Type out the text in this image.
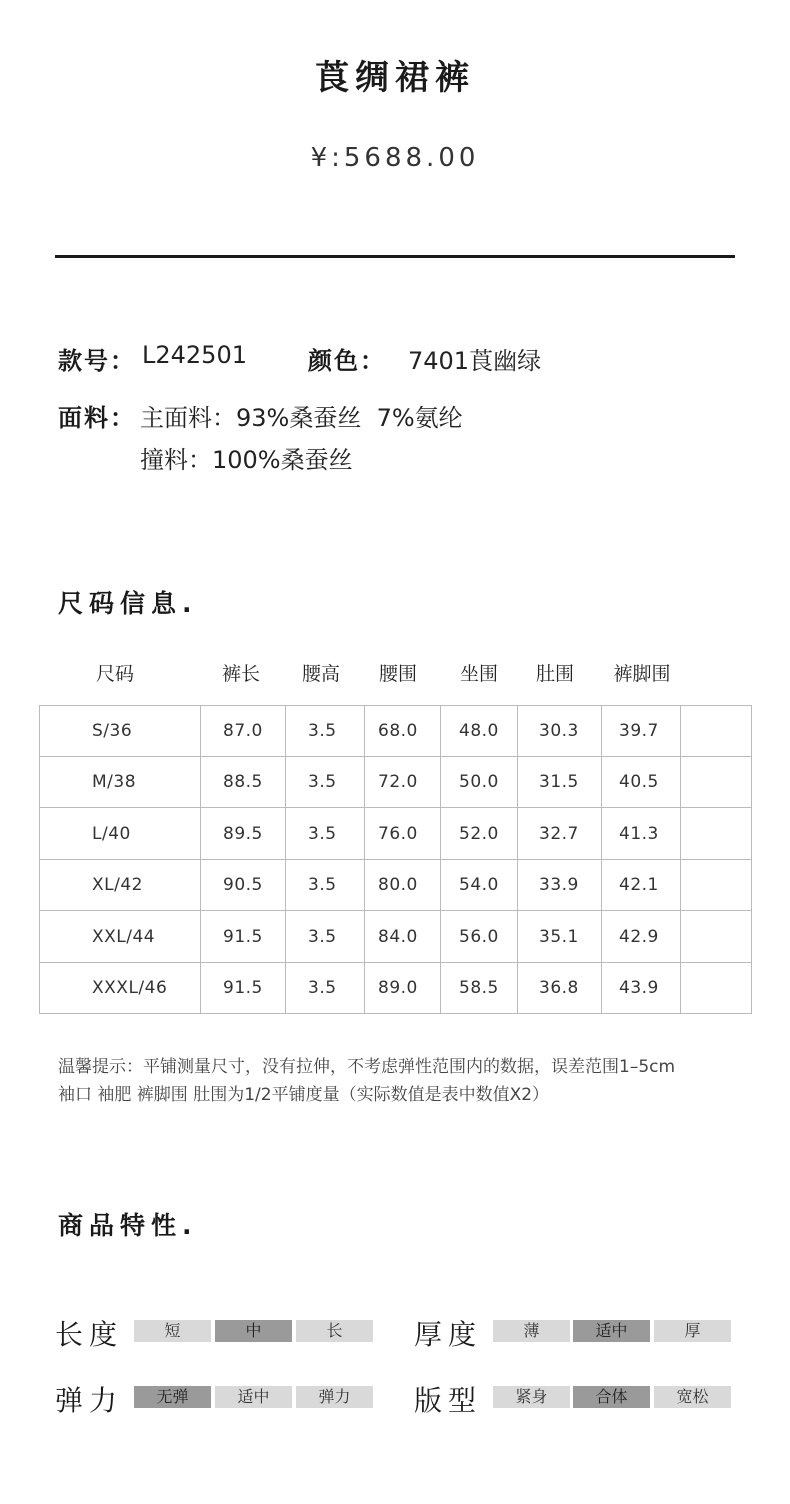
莨绸裙裤
¥:5688.00
款号： L242501	颜色： 7401莨幽绿
面料： 主面料：93%桑蚕丝  7%氨纶
撞料：100%桑蚕丝
尺码信息.
尺码	裤长	腰高	腰围	坐围	肚围	裤脚围
S/36	87.0	3.5	68.0	48.0	30.3	39.7	
M/38	88.5	3.5	72.0	50.0	31.5	40.5	
L/40	89.5	3.5	76.0	52.0	32.7	41.3	
XL/42	90.5	3.5	80.0	54.0	33.9	42.1	
XXL/44	91.5	3.5	84.0	56.0	35.1	42.9	
XXXL/46	91.5	3.5	89.0	58.5	36.8	43.9	
温馨提示：平铺测量尺寸，没有拉伸，不考虑弹性范围内的数据，误差范围1–5cm
袖口 袖肥 裤脚围 肚围为1/2平铺度量（实际数值是表中数值X2）
商品特性.
长度	短	中	长	厚度	薄	适中	厚
弹力	无弹	适中	弹力	版型	紧身	合体	宽松
